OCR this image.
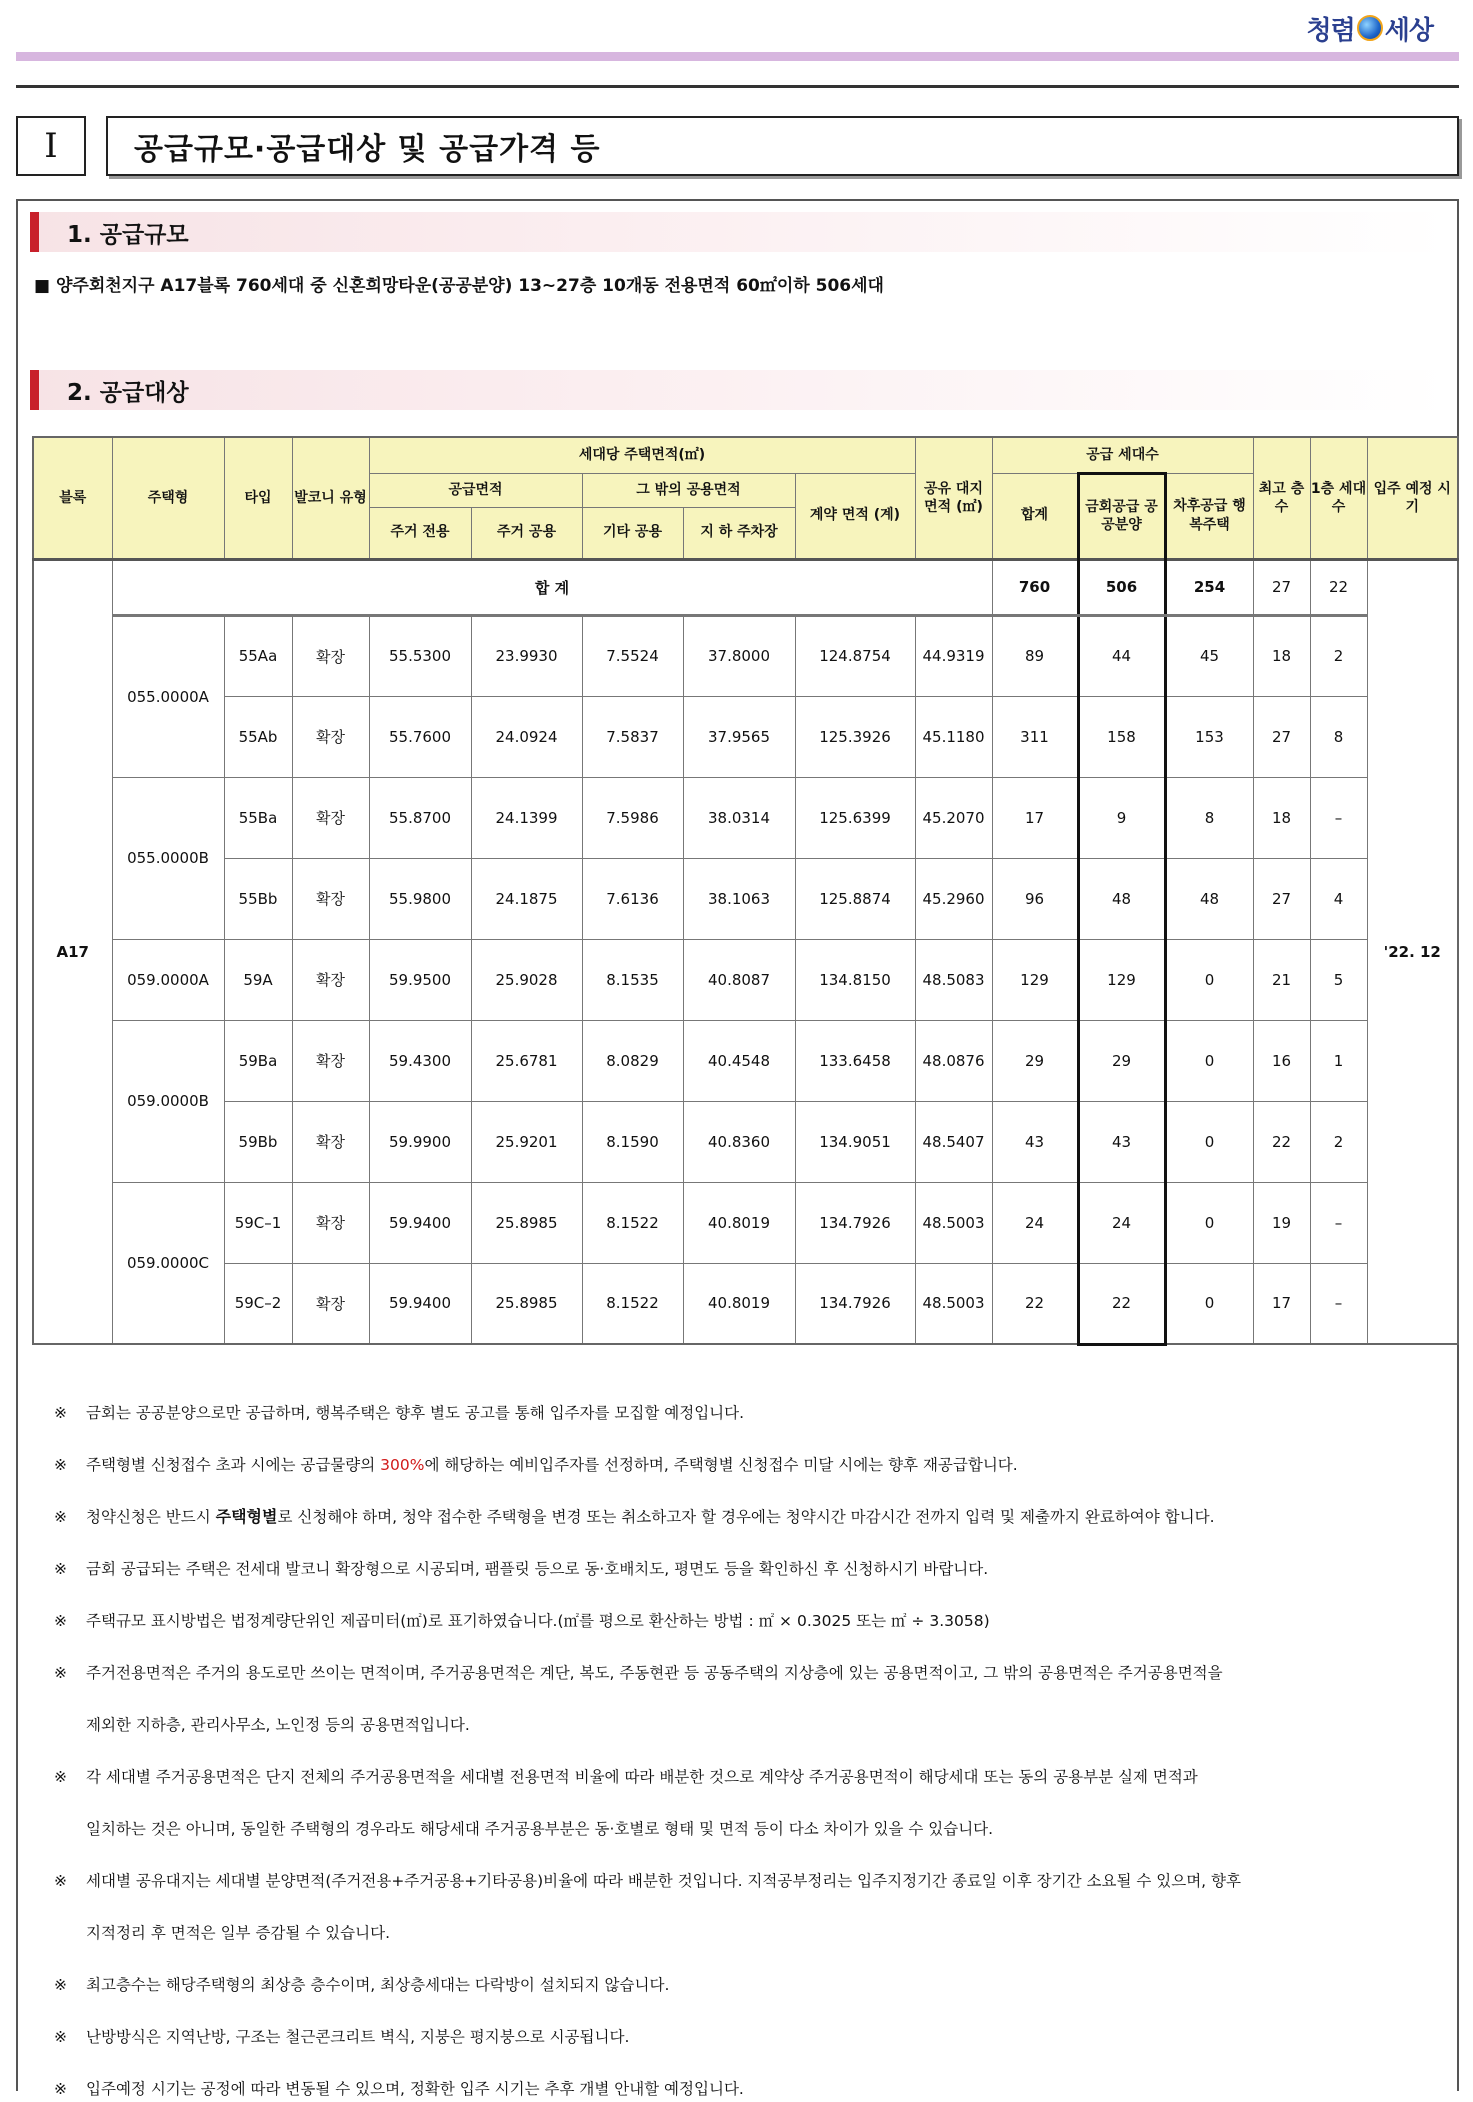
청렴 세상
I	공급규모·공급대상 및 공급가격 등
1. 공급규모
■ 양주회천지구 A17블록 760세대 중 신혼희망타운(공공분양) 13~27층 10개동 전용면적 60㎡이하 506세대
2. 공급대상
블록	주택형	타입	발코니 유형	세대당 주택면적(㎡)					공유 대지 면적 (㎡)	공급 세대수			최고 층수	1층 세대수	입주 예정 시기
				공급면적		그 밖의 공용면적		계약 면적 (계)		합계	금회공급 공공분양	차후공급 행복주택			
				주거 전용	주거 공용	기타 공용	지 하 주차장								
A17	합 계									760	506	254	27	22	'22. 12
	055.0000A	55Aa	확장	55.5300	23.9930	7.5524	37.8000	124.8754	44.9319	89	44	45	18	2	
		55Ab	확장	55.7600	24.0924	7.5837	37.9565	125.3926	45.1180	311	158	153	27	8	
	055.0000B	55Ba	확장	55.8700	24.1399	7.5986	38.0314	125.6399	45.2070	17	9	8	18	–	
		55Bb	확장	55.9800	24.1875	7.6136	38.1063	125.8874	45.2960	96	48	48	27	4	
	059.0000A	59A	확장	59.9500	25.9028	8.1535	40.8087	134.8150	48.5083	129	129	0	21	5	
	059.0000B	59Ba	확장	59.4300	25.6781	8.0829	40.4548	133.6458	48.0876	29	29	0	16	1	
		59Bb	확장	59.9900	25.9201	8.1590	40.8360	134.9051	48.5407	43	43	0	22	2	
	059.0000C	59C–1	확장	59.9400	25.8985	8.1522	40.8019	134.7926	48.5003	24	24	0	19	–	
		59C–2	확장	59.9400	25.8985	8.1522	40.8019	134.7926	48.5003	22	22	0	17	–	
※	금회는 공공분양으로만 공급하며, 행복주택은 향후 별도 공고를 통해 입주자를 모집할 예정입니다.
※	주택형별 신청접수 초과 시에는 공급물량의 300%에 해당하는 예비입주자를 선정하며, 주택형별 신청접수 미달 시에는 향후 재공급합니다.
※	청약신청은 반드시 주택형별로 신청해야 하며, 청약 접수한 주택형을 변경 또는 취소하고자 할 경우에는 청약시간 마감시간 전까지 입력 및 제출까지 완료하여야 합니다.
※	금회 공급되는 주택은 전세대 발코니 확장형으로 시공되며, 팸플릿 등으로 동·호배치도, 평면도 등을 확인하신 후 신청하시기 바랍니다.
※	주택규모 표시방법은 법정계량단위인 제곱미터(㎡)로 표기하였습니다.(㎡를 평으로 환산하는 방법 : ㎡ × 0.3025 또는 ㎡ ÷ 3.3058)
※	주거전용면적은 주거의 용도로만 쓰이는 면적이며, 주거공용면적은 계단, 복도, 주동현관 등 공동주택의 지상층에 있는 공용면적이고, 그 밖의 공용면적은 주거공용면적을
제외한 지하층, 관리사무소, 노인정 등의 공용면적입니다.
※	각 세대별 주거공용면적은 단지 전체의 주거공용면적을 세대별 전용면적 비율에 따라 배분한 것으로 계약상 주거공용면적이 해당세대 또는 동의 공용부분 실제 면적과
일치하는 것은 아니며, 동일한 주택형의 경우라도 해당세대 주거공용부분은 동·호별로 형태 및 면적 등이 다소 차이가 있을 수 있습니다.
※	세대별 공유대지는 세대별 분양면적(주거전용+주거공용+기타공용)비율에 따라 배분한 것입니다. 지적공부정리는 입주지정기간 종료일 이후 장기간 소요될 수 있으며, 향후
지적정리 후 면적은 일부 증감될 수 있습니다.
※	최고층수는 해당주택형의 최상층 층수이며, 최상층세대는 다락방이 설치되지 않습니다.
※	난방방식은 지역난방, 구조는 철근콘크리트 벽식, 지붕은 평지붕으로 시공됩니다.
※	입주예정 시기는 공정에 따라 변동될 수 있으며, 정확한 입주 시기는 추후 개별 안내할 예정입니다.
